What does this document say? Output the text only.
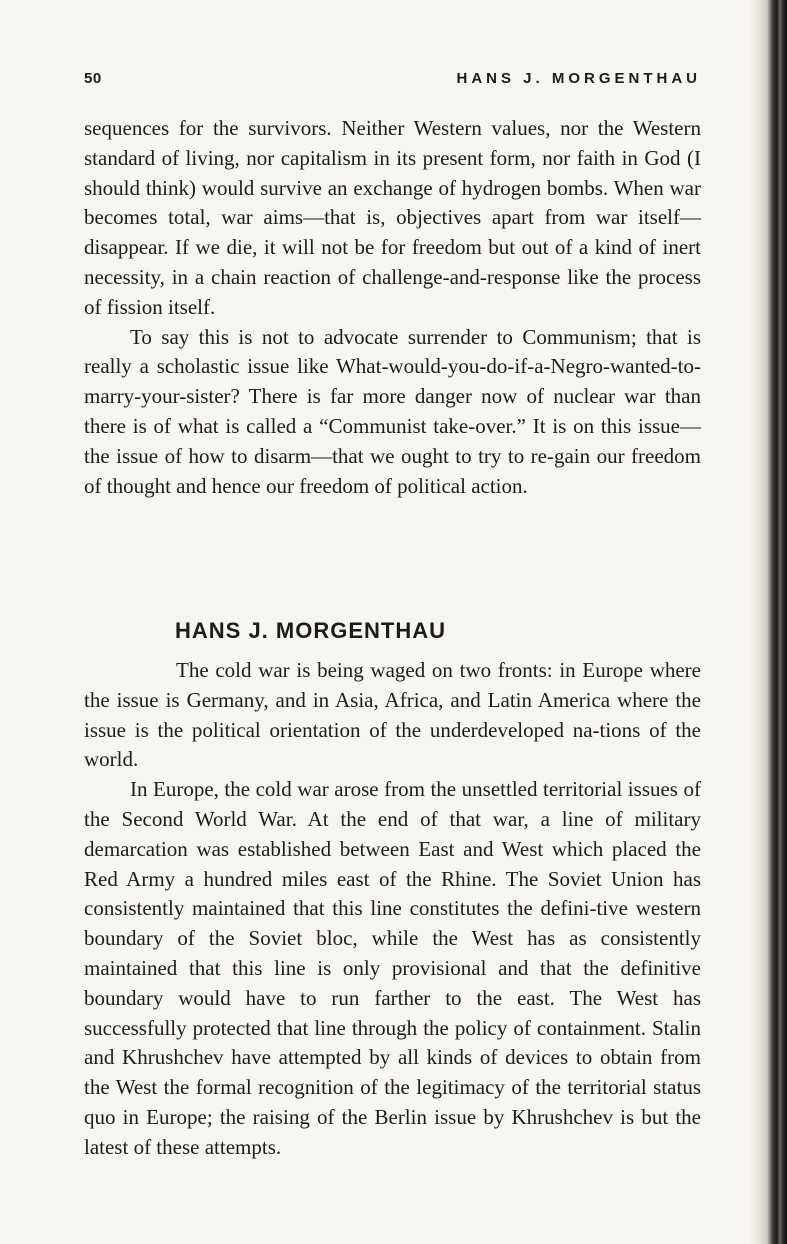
50	HANS J. MORGENTHAU

sequences for the survivors. Neither Western values, nor the Western standard of living, nor capitalism in its present form, nor faith in God (I should think) would survive an exchange of hydrogen bombs. When war becomes total, war aims—that is, objectives apart from war itself—disappear. If we die, it will not be for freedom but out of a kind of inert necessity, in a chain reaction of challenge-and-response like the process of fission itself.

To say this is not to advocate surrender to Communism; that is really a scholastic issue like What-would-you-do-if-a-Negro-wanted-to-marry-your-sister? There is far more danger now of nuclear war than there is of what is called a “Communist take-over.” It is on this issue—the issue of how to disarm—that we ought to try to re-gain our freedom of thought and hence our freedom of political action.

HANS J. MORGENTHAU

The cold war is being waged on two fronts: in Europe where the issue is Germany, and in Asia, Africa, and Latin America where the issue is the political orientation of the underdeveloped na-tions of the world.

In Europe, the cold war arose from the unsettled territorial issues of the Second World War. At the end of that war, a line of military demarcation was established between East and West which placed the Red Army a hundred miles east of the Rhine. The Soviet Union has consistently maintained that this line constitutes the defini-tive western boundary of the Soviet bloc, while the West has as consistently maintained that this line is only provisional and that the definitive boundary would have to run farther to the east. The West has successfully protected that line through the policy of containment. Stalin and Khrushchev have attempted by all kinds of devices to obtain from the West the formal recognition of the legitimacy of the territorial status quo in Europe; the raising of the Berlin issue by Khrushchev is but the latest of these attempts.
